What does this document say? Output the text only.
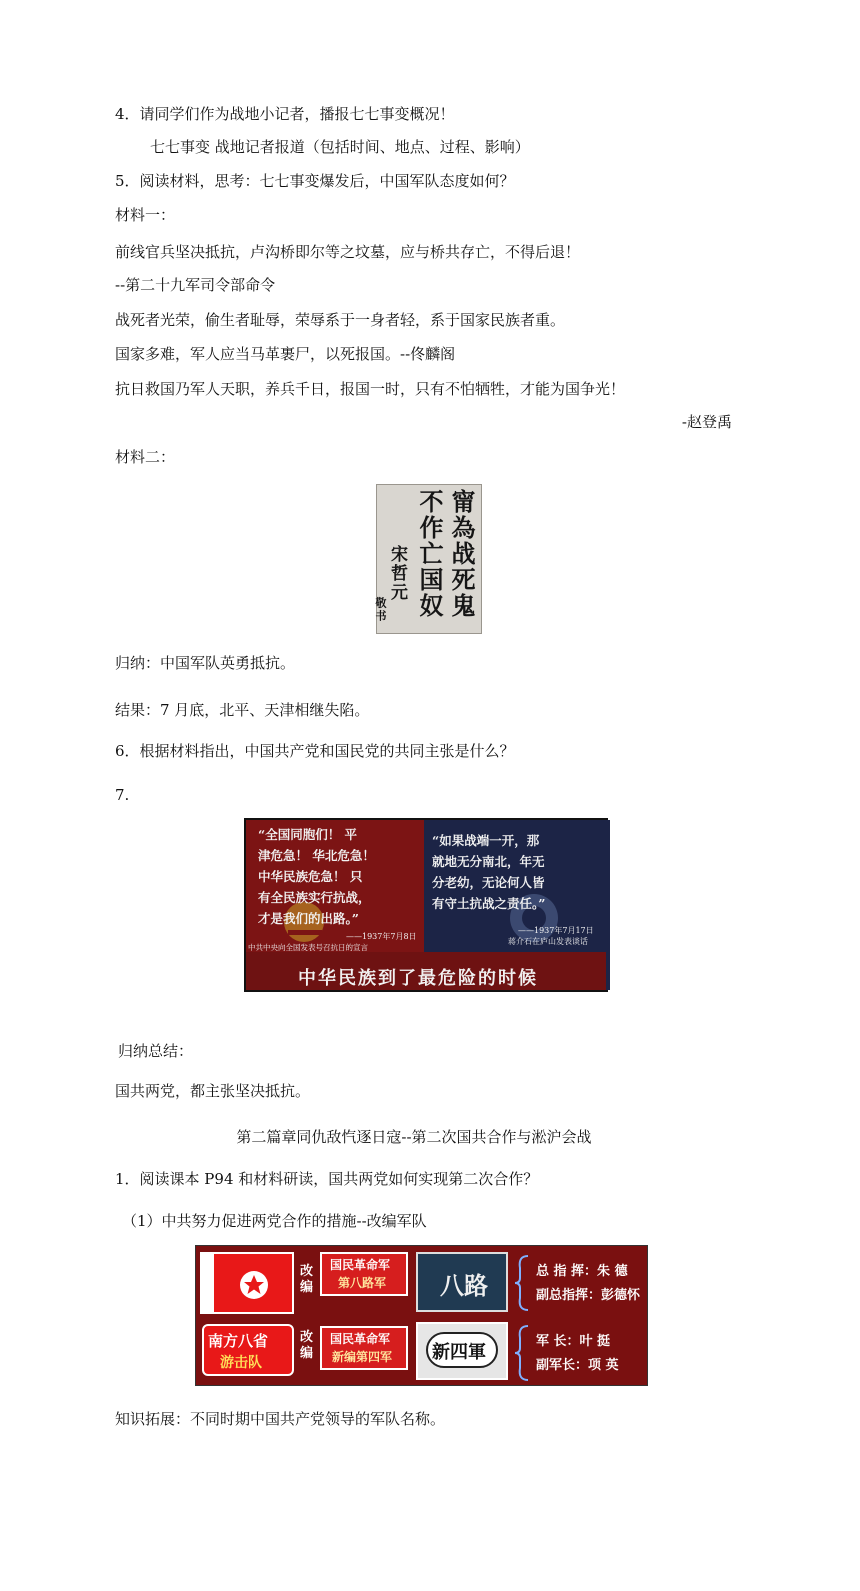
4．请同学们作为战地小记者，播报七七事变概况！
七七事变 战地记者报道（包括时间、地点、过程、影响）
5．阅读材料，思考：七七事变爆发后，中国军队态度如何？
材料一：
前线官兵坚决抵抗，卢沟桥即尔等之坟墓，应与桥共存亡，不得后退！
--第二十九军司令部命令
战死者光荣，偷生者耻辱，荣辱系于一身者轻，系于国家民族者重。
国家多难，军人应当马革裹尸，以死报国。--佟麟阁
抗日救国乃军人天职，养兵千日，报国一时，只有不怕牺牲，才能为国争光！
-赵登禹
材料二：
甯為战死鬼
不作亡国奴
宋哲元
敬书
归纳：中国军队英勇抵抗。
结果：7 月底，北平、天津相继失陷。
6．根据材料指出，中国共产党和国民党的共同主张是什么？
7.
“全国同胞们！ 平
津危急！ 华北危急！
中华民族危急！ 只
有全民族实行抗战，
才是我们的出路。”
——1937年7月8日
中共中央向全国发表号召抗日的宣言
“如果战端一开，那
就地无分南北，年无
分老幼，无论何人皆
有守土抗战之责任。”
——1937年7月17日
蒋介石在庐山发表谈话
中华民族到了最危险的时候
归纳总结：
国共两党，都主张坚决抵抗。
第二篇章同仇敌忾逐日寇--第二次国共合作与淞沪会战
1．阅读课本 P94 和材料研读，国共两党如何实现第二次合作？
（1）中共努力促进两党合作的措施--改编军队
改编
国民革命军
第八路军 八路	总 指 挥：朱 德
副总指挥：彭德怀
南方八省
游击队
改编
国民革命军
新编第四军 新四軍
军 长：叶 挺
副军长：项 英
知识拓展：不同时期中国共产党领导的军队名称。
